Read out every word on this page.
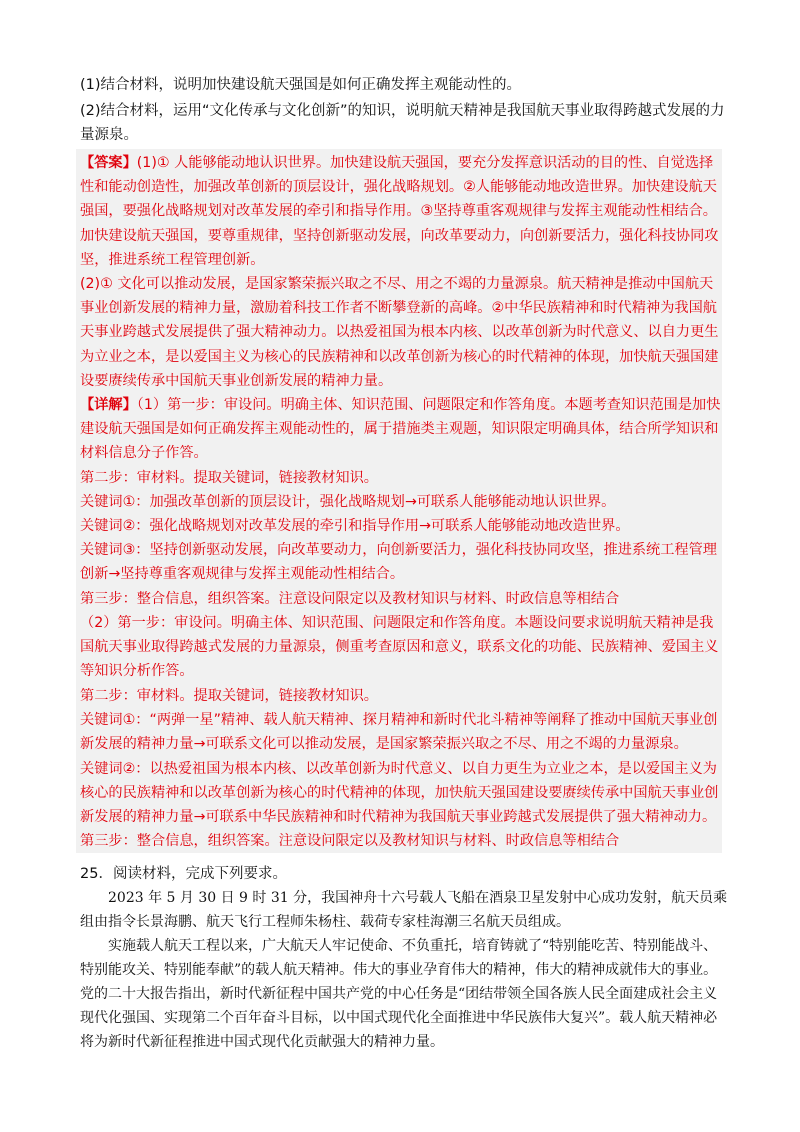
(1)结合材料，说明加快建设航天强国是如何正确发挥主观能动性的。

(2)结合材料，运用“文化传承与文化创新”的知识，说明航天精神是我国航天事业取得跨越式发展的力量源泉。

【答案】(1)① 人能够能动地认识世界。加快建设航天强国，要充分发挥意识活动的目的性、自觉选择性和能动创造性，加强改革创新的顶层设计，强化战略规划。②人能够能动地改造世界。加快建设航天强国，要强化战略规划对改革发展的牵引和指导作用。③坚持尊重客观规律与发挥主观能动性相结合。加快建设航天强国，要尊重规律，坚持创新驱动发展，向改革要动力，向创新要活力，强化科技协同攻坚，推进系统工程管理创新。

(2)① 文化可以推动发展，是国家繁荣振兴取之不尽、用之不竭的力量源泉。航天精神是推动中国航天事业创新发展的精神力量，激励着科技工作者不断攀登新的高峰。②中华民族精神和时代精神为我国航天事业跨越式发展提供了强大精神动力。以热爱祖国为根本内核、以改革创新为时代意义、以自力更生为立业之本，是以爱国主义为核心的民族精神和以改革创新为核心的时代精神的体现，加快航天强国建设要赓续传承中国航天事业创新发展的精神力量。

【详解】（1）第一步：审设问。明确主体、知识范围、问题限定和作答角度。本题考查知识范围是加快建设航天强国是如何正确发挥主观能动性的，属于措施类主观题，知识限定明确具体，结合所学知识和材料信息分子作答。

第二步：审材料。提取关键词，链接教材知识。

关键词①：加强改革创新的顶层设计，强化战略规划→可联系人能够能动地认识世界。

关键词②：强化战略规划对改革发展的牵引和指导作用→可联系人能够能动地改造世界。

关键词③：坚持创新驱动发展，向改革要动力，向创新要活力，强化科技协同攻坚，推进系统工程管理创新→坚持尊重客观规律与发挥主观能动性相结合。

第三步：整合信息，组织答案。注意设问限定以及教材知识与材料、时政信息等相结合

（2）第一步：审设问。明确主体、知识范围、问题限定和作答角度。本题设问要求说明航天精神是我国航天事业取得跨越式发展的力量源泉，侧重考查原因和意义，联系文化的功能、民族精神、爱国主义等知识分析作答。

第二步：审材料。提取关键词，链接教材知识。

关键词①：“两弹一星”精神、载人航天精神、探月精神和新时代北斗精神等阐释了推动中国航天事业创新发展的精神力量→可联系文化可以推动发展，是国家繁荣振兴取之不尽、用之不竭的力量源泉。

关键词②：以热爱祖国为根本内核、以改革创新为时代意义、以自力更生为立业之本，是以爱国主义为核心的民族精神和以改革创新为核心的时代精神的体现，加快航天强国建设要赓续传承中国航天事业创新发展的精神力量→可联系中华民族精神和时代精神为我国航天事业跨越式发展提供了强大精神动力。

第三步：整合信息，组织答案。注意设问限定以及教材知识与材料、时政信息等相结合

25．阅读材料，完成下列要求。

2023 年 5 月 30 日 9 时 31 分，我国神舟十六号载人飞船在酒泉卫星发射中心成功发射，航天员乘组由指令长景海鹏、航天飞行工程师朱杨柱、载荷专家桂海潮三名航天员组成。

实施载人航天工程以来，广大航天人牢记使命、不负重托，培育铸就了“特别能吃苦、特别能战斗、特别能攻关、特别能奉献”的载人航天精神。伟大的事业孕育伟大的精神，伟大的精神成就伟大的事业。党的二十大报告指出，新时代新征程中国共产党的中心任务是“团结带领全国各族人民全面建成社会主义现代化强国、实现第二个百年奋斗目标，以中国式现代化全面推进中华民族伟大复兴”。载人航天精神必将为新时代新征程推进中国式现代化贡献强大的精神力量。
